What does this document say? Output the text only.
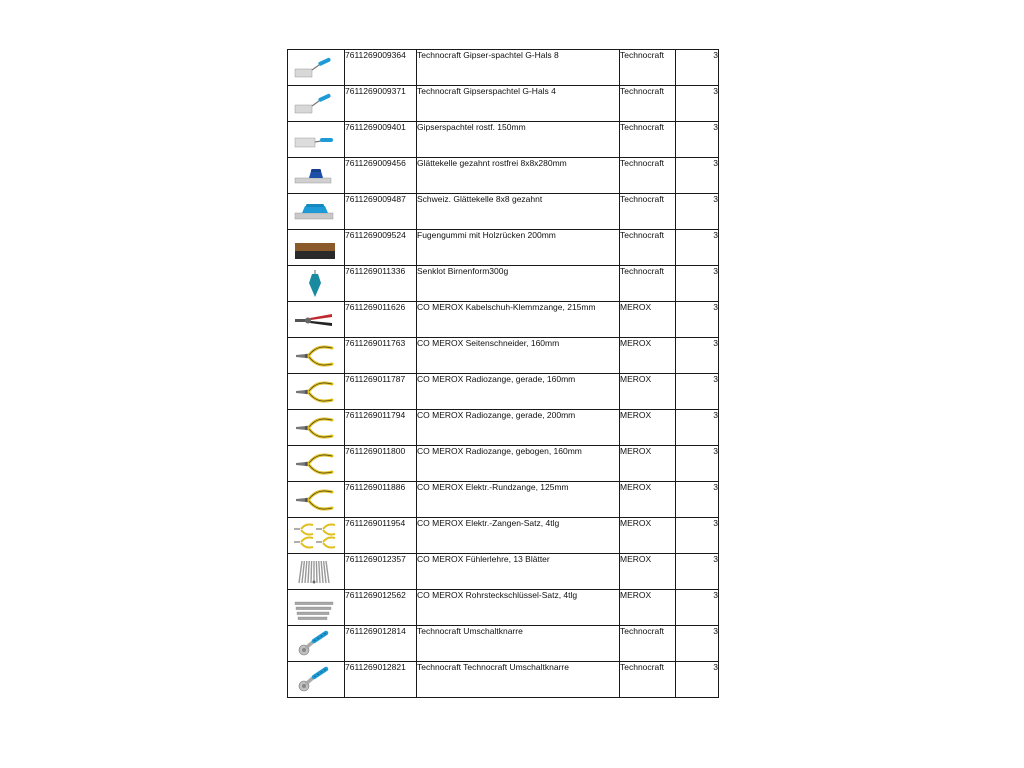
	7611269009364	Technocraft Gipser-spachtel G-Hals 8	Technocraft	3

	7611269009371	Technocraft Gipserspachtel G-Hals 4	Technocraft	3

	7611269009401	Gipserspachtel rostf. 150mm	Technocraft	3

	7611269009456	Glättekelle gezahnt rostfrei 8x8x280mm	Technocraft	3

	7611269009487	Schweiz. Glättekelle 8x8 gezahnt	Technocraft	3

	7611269009524	Fugengummi mit Holzrücken 200mm	Technocraft	3

	7611269011336	Senklot Birnenform300g	Technocraft	3

	7611269011626	CO MEROX Kabelschuh-Klemmzange, 215mm	MEROX	3

	7611269011763	CO MEROX Seitenschneider, 160mm	MEROX	3

	7611269011787	CO MEROX Radiozange, gerade, 160mm	MEROX	3

	7611269011794	CO MEROX Radiozange, gerade, 200mm	MEROX	3

	7611269011800	CO MEROX Radiozange, gebogen, 160mm	MEROX	3

	7611269011886	CO MEROX Elektr.-Rundzange, 125mm	MEROX	3

	7611269011954	CO MEROX Elektr.-Zangen-Satz, 4tlg	MEROX	3

	7611269012357	CO MEROX Fühlerlehre, 13 Blätter	MEROX	3

	7611269012562	CO MEROX Rohrsteckschlüssel-Satz, 4tlg	MEROX	3

	7611269012814	Technocraft Umschaltknarre	Technocraft	3

	7611269012821	Technocraft Technocraft Umschaltknarre	Technocraft	3
